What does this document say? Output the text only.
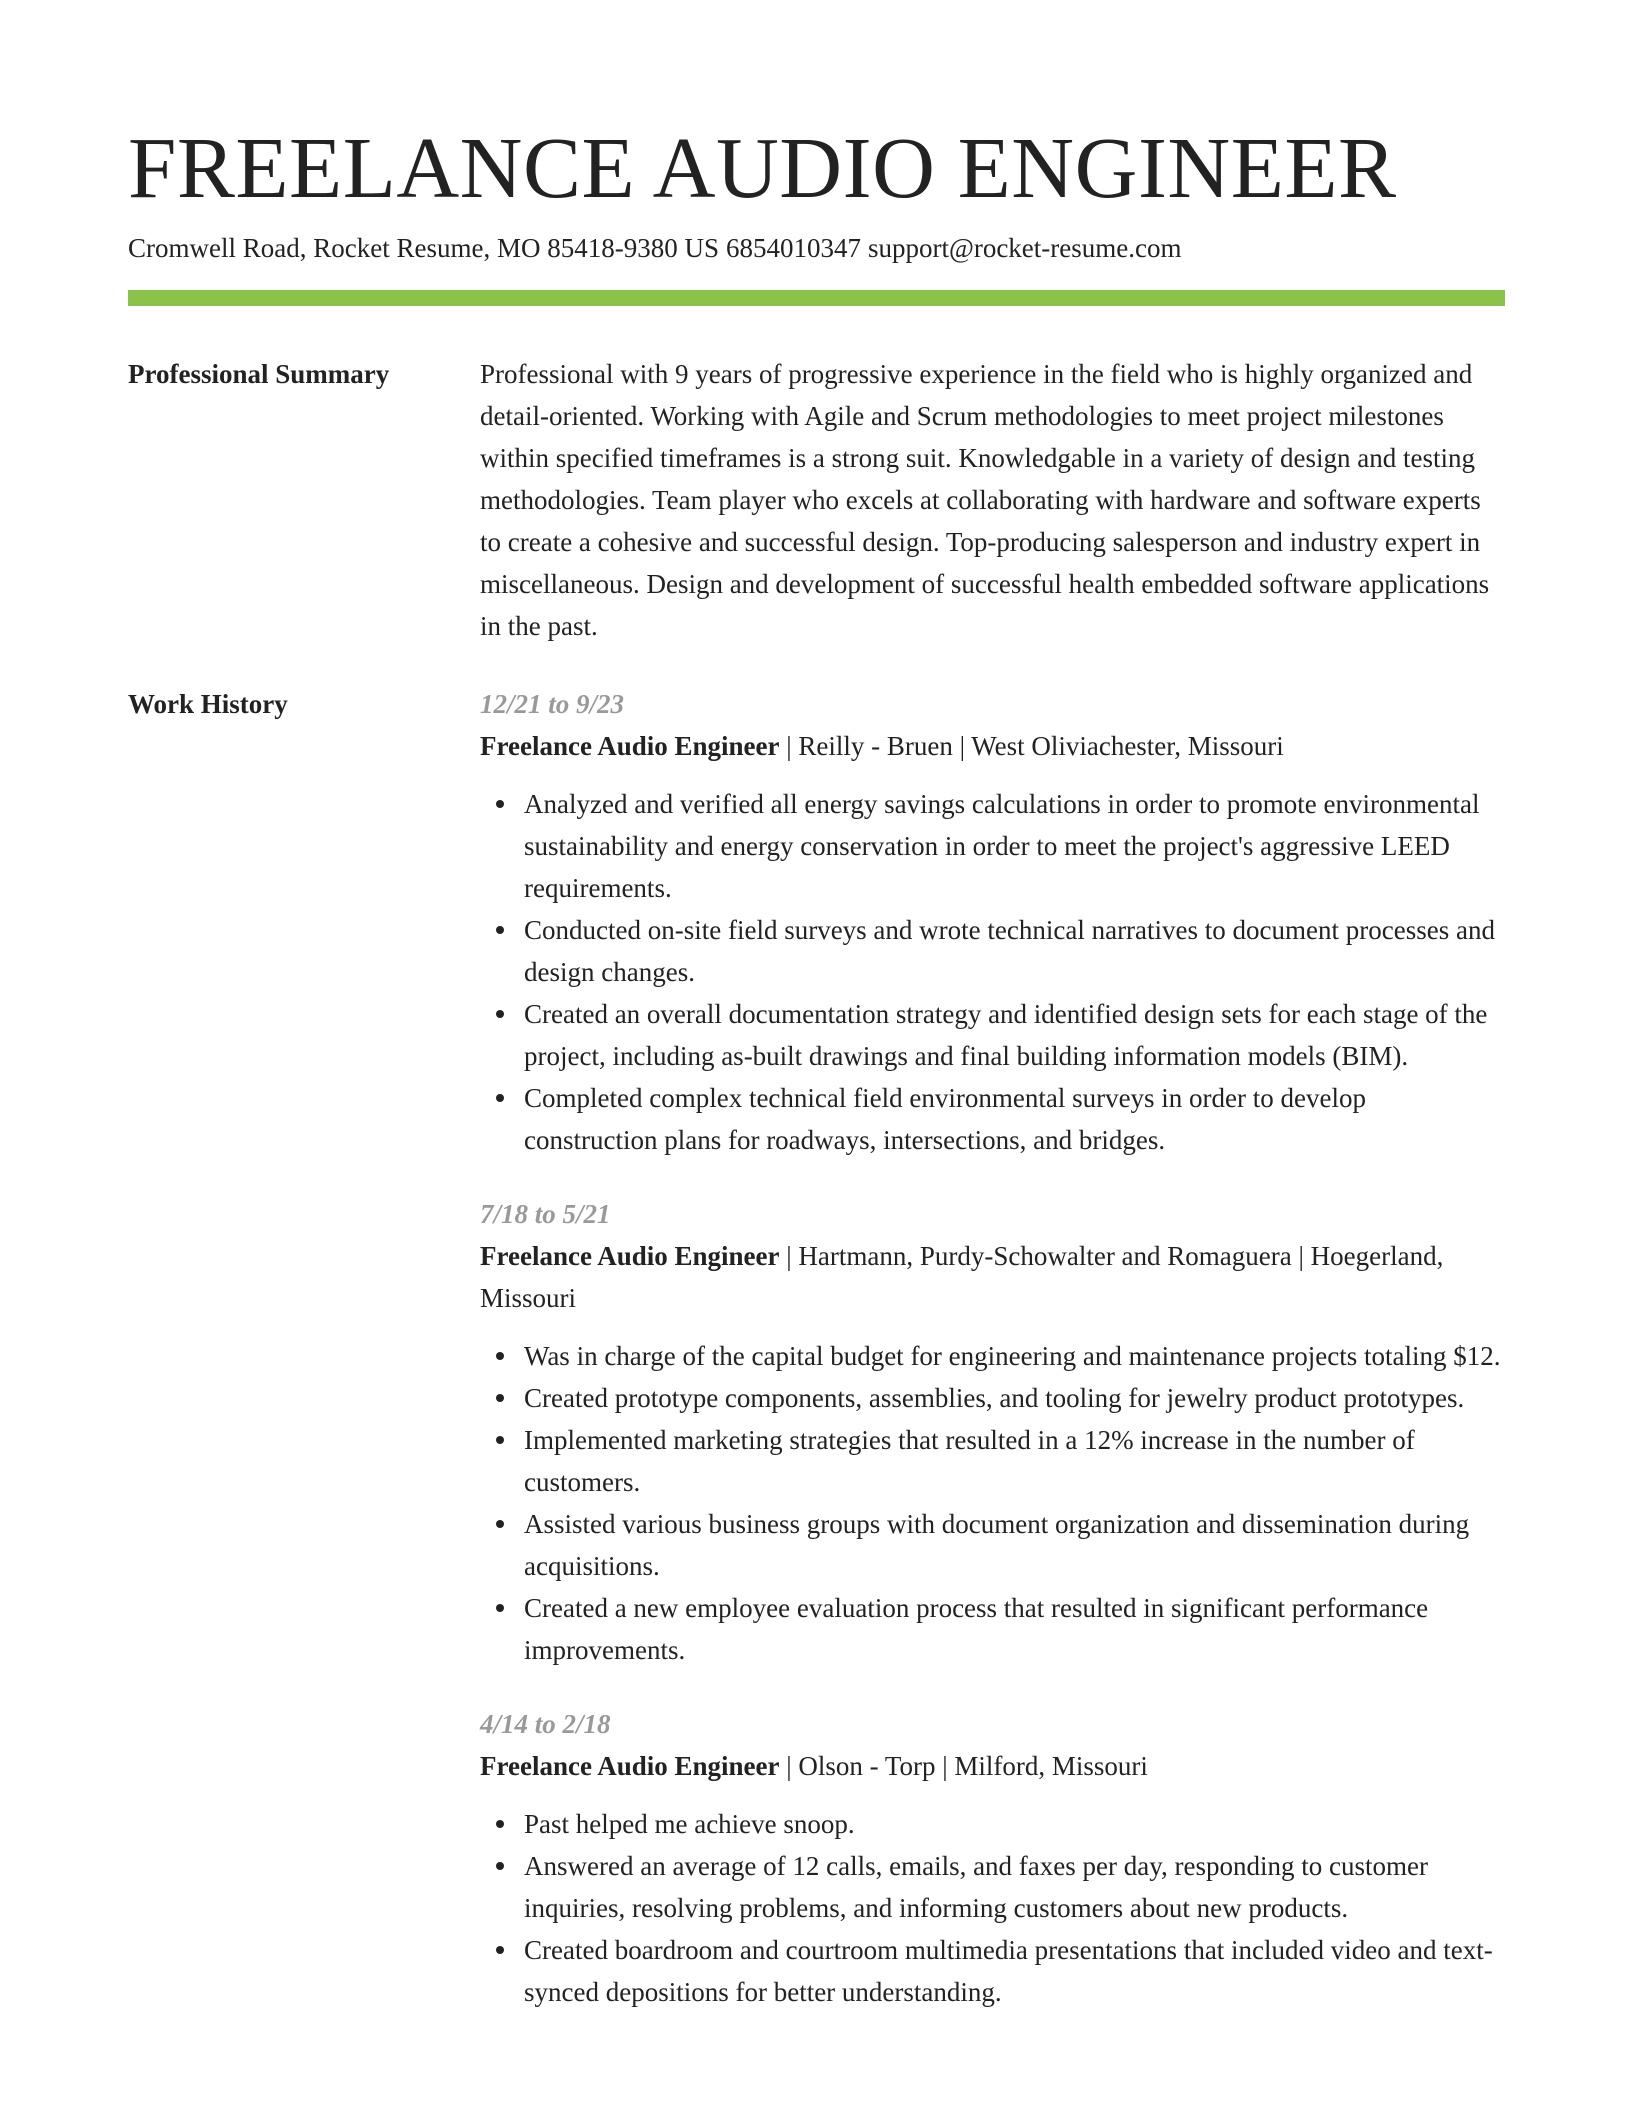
FREELANCE AUDIO ENGINEER
Cromwell Road, Rocket Resume, MO 85418-9380 US 6854010347 support@rocket-resume.com
Professional Summary	Professional with 9 years of progressive experience in the field who is highly organized and detail-oriented. Working with Agile and Scrum methodologies to meet project milestones within specified timeframes is a strong suit. Knowledgable in a variety of design and testing methodologies. Team player who excels at collaborating with hardware and software experts to create a cohesive and successful design. Top-producing salesperson and industry expert in miscellaneous. Design and development of successful health embedded software applications in the past.

Work History	12/21 to 9/23
Freelance Audio Engineer | Reilly - Bruen | West Oliviachester, Missouri
Analyzed and verified all energy savings calculations in order to promote environmental sustainability and energy conservation in order to meet the project's aggressive LEED requirements.
Conducted on-site field surveys and wrote technical narratives to document processes and design changes.
Created an overall documentation strategy and identified design sets for each stage of the project, including as-built drawings and final building information models (BIM).
Completed complex technical field environmental surveys in order to develop construction plans for roadways, intersections, and bridges.
7/18 to 5/21
Freelance Audio Engineer | Hartmann, Purdy-Schowalter and Romaguera | Hoegerland, Missouri
Was in charge of the capital budget for engineering and maintenance projects totaling $12.
Created prototype components, assemblies, and tooling for jewelry product prototypes.
Implemented marketing strategies that resulted in a 12% increase in the number of customers.
Assisted various business groups with document organization and dissemination during acquisitions.
Created a new employee evaluation process that resulted in significant performance improvements.
4/14 to 2/18
Freelance Audio Engineer | Olson - Torp | Milford, Missouri
Past helped me achieve snoop.
Answered an average of 12 calls, emails, and faxes per day, responding to customer inquiries, resolving problems, and informing customers about new products.
Created boardroom and courtroom multimedia presentations that included video and text-synced depositions for better understanding.
